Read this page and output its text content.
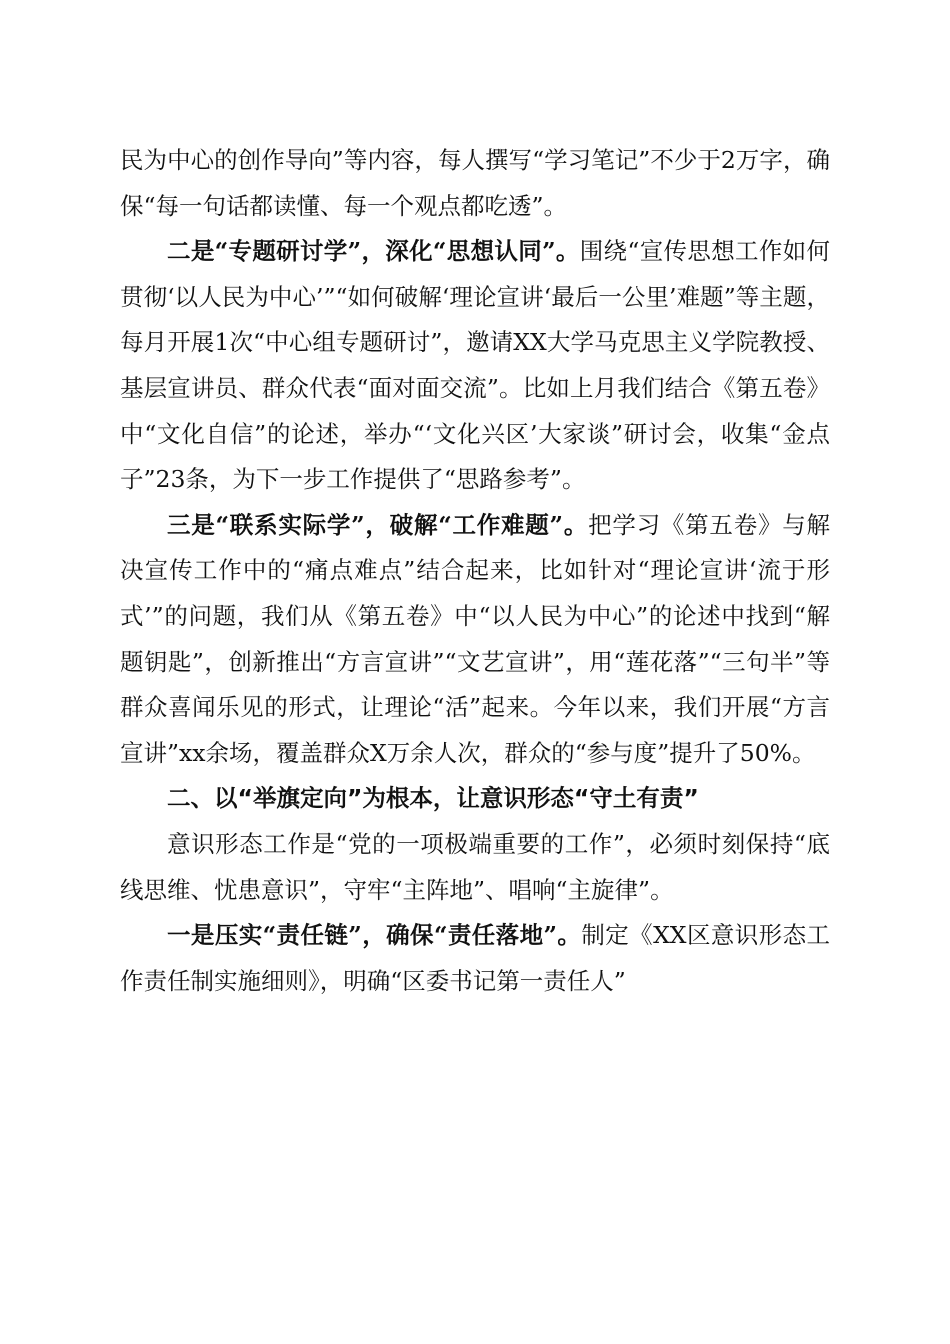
民为中心的创作导向”等内容，每人撰写“学习笔记”不少于2万字，确保“每一句话都读懂、每一个观点都吃透”。

二是“专题研讨学”，深化“思想认同”。围绕“宣传思想工作如何贯彻‘以人民为中心’”“如何破解‘理论宣讲‘最后一公里’难题”等主题，每月开展1次“中心组专题研讨”，邀请XX大学马克思主义学院教授、基层宣讲员、群众代表“面对面交流”。比如上月我们结合《第五卷》中“文化自信”的论述，举办“‘文化兴区’大家谈”研讨会，收集“金点子”23条，为下一步工作提供了“思路参考”。

三是“联系实际学”，破解“工作难题”。把学习《第五卷》与解决宣传工作中的“痛点难点”结合起来，比如针对“理论宣讲‘流于形式’”的问题，我们从《第五卷》中“以人民为中心”的论述中找到“解题钥匙”，创新推出“方言宣讲”“文艺宣讲”，用“莲花落”“三句半”等群众喜闻乐见的形式，让理论“活”起来。今年以来，我们开展“方言宣讲”xx余场，覆盖群众X万余人次，群众的“参与度”提升了50%。

二、以“举旗定向”为根本，让意识形态“守土有责”

意识形态工作是“党的一项极端重要的工作”，必须时刻保持“底线思维、忧患意识”，守牢“主阵地”、唱响“主旋律”。

一是压实“责任链”，确保“责任落地”。制定《XX区意识形态工作责任制实施细则》，明确“区委书记第一责任人”
